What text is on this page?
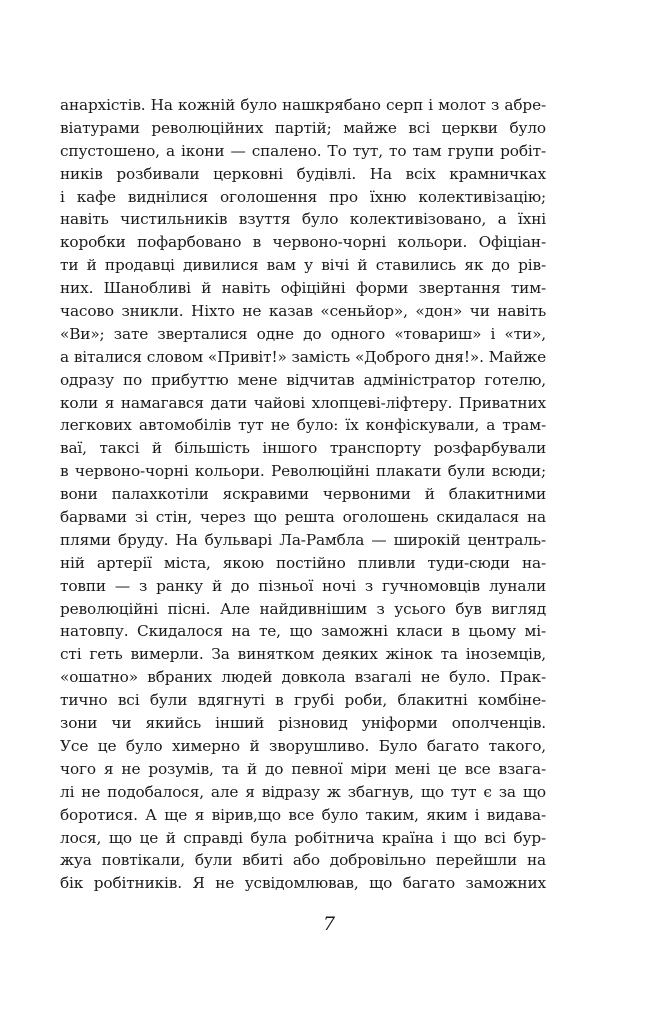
анархістів. На кожній було нашкрябано серп і молот з абре-
віатурами революційних партій; майже всі церкви було
спустошено, а ікони — спалено. То тут, то там групи робіт-
ників розбивали церковні будівлі. На всіх крамничках
і кафе виднілися оголошення про їхню колективізацію;
навіть чистильників взуття було колективізовано, а їхні
коробки пофарбовано в червоно-чорні кольори. Офіціан-
ти й продавці дивилися вам у вічі й ставились як до рів-
них. Шанобливі й навіть офіційні форми звертання тим-
часово зникли. Ніхто не казав «сеньйор», «дон» чи навіть
«Ви»; зате зверталися одне до одного «товариш» і «ти»,
а віталися словом «Привіт!» замість «Доброго дня!». Майже
одразу по прибуттю мене відчитав адміністратор готелю,
коли я намагався дати чайові хлопцеві-ліфтеру. Приватних
легкових автомобілів тут не було: їх конфіскували, а трам-
ваї, таксі й більшість іншого транспорту розфарбували
в червоно-чорні кольори. Революційні плакати були всюди;
вони палахкотіли яскравими червоними й блакитними
барвами зі стін, через що решта оголошень скидалася на
плями бруду. На бульварі Ла-Рамбла — широкій централь-
ній артерії міста, якою постійно пливли туди-сюди на-
товпи — з ранку й до пізньої ночі з гучномовців лунали
революційні пісні. Але найдивнішим з усього був вигляд
натовпу. Скидалося на те, що заможні класи в цьому мі-
сті геть вимерли. За винятком деяких жінок та іноземців,
«ошатно» вбраних людей довкола взагалі не було. Прак-
тично всі були вдягнуті в грубі роби, блакитні комбіне-
зони чи якийсь інший різновид уніформи ополченців.
Усе це було химерно й зворушливо. Було багато такого,
чого я не розумів, та й до певної міри мені це все взага-
лі не подобалося, але я відразу ж збагнув, що тут є за що
боротися. А ще я вірив,що все було таким, яким і видава-
лося, що це й справді була робітнича країна і що всі бур-
жуа повтікали, були вбиті або добровільно перейшли на
бік робітників. Я не усвідомлював, що багато заможних
7
